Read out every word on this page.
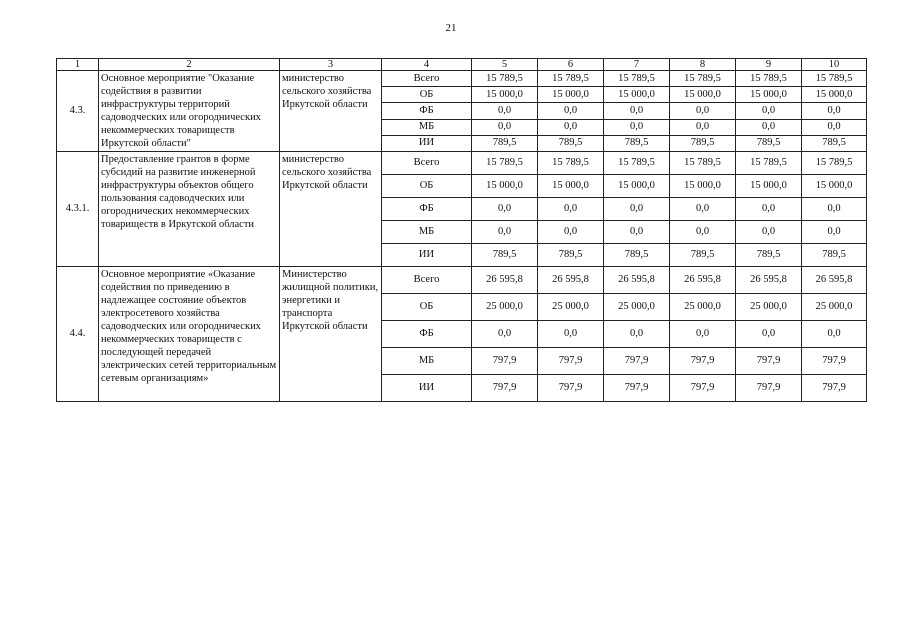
21
1	2	3	4	5	6	7	8	9	10
4.3.	Основное мероприятие "Оказание содействия в развитии инфраструктуры территорий садоводческих или огороднических некоммерческих товариществ Иркутской области"	министерство сельского хозяйства Иркутской области	Всего	15 789,5	15 789,5	15 789,5	15 789,5	15 789,5	15 789,5
			ОБ	15 000,0	15 000,0	15 000,0	15 000,0	15 000,0	15 000,0
			ФБ	0,0	0,0	0,0	0,0	0,0	0,0
			МБ	0,0	0,0	0,0	0,0	0,0	0,0
			ИИ	789,5	789,5	789,5	789,5	789,5	789,5
4.3.1.	Предоставление грантов в форме субсидий на развитие инженерной инфраструктуры объектов общего пользования садоводческих или огороднических некоммерческих товариществ в Иркутской области	министерство сельского хозяйства Иркутской области	Всего	15 789,5	15 789,5	15 789,5	15 789,5	15 789,5	15 789,5
			ОБ	15 000,0	15 000,0	15 000,0	15 000,0	15 000,0	15 000,0
			ФБ	0,0	0,0	0,0	0,0	0,0	0,0
			МБ	0,0	0,0	0,0	0,0	0,0	0,0
			ИИ	789,5	789,5	789,5	789,5	789,5	789,5
4.4.	Основное мероприятие «Оказание содействия по приведению в надлежащее состояние объектов электросетевого хозяйства садоводческих или огороднических некоммерческих товариществ с последующей передачей электрических сетей территориальным сетевым организациям»	Министерство жилищной политики, энергетики и транспорта Иркутской области	Всего	26 595,8	26 595,8	26 595,8	26 595,8	26 595,8	26 595,8
			ОБ	25 000,0	25 000,0	25 000,0	25 000,0	25 000,0	25 000,0
			ФБ	0,0	0,0	0,0	0,0	0,0	0,0
			МБ	797,9	797,9	797,9	797,9	797,9	797,9
			ИИ	797,9	797,9	797,9	797,9	797,9	797,9
